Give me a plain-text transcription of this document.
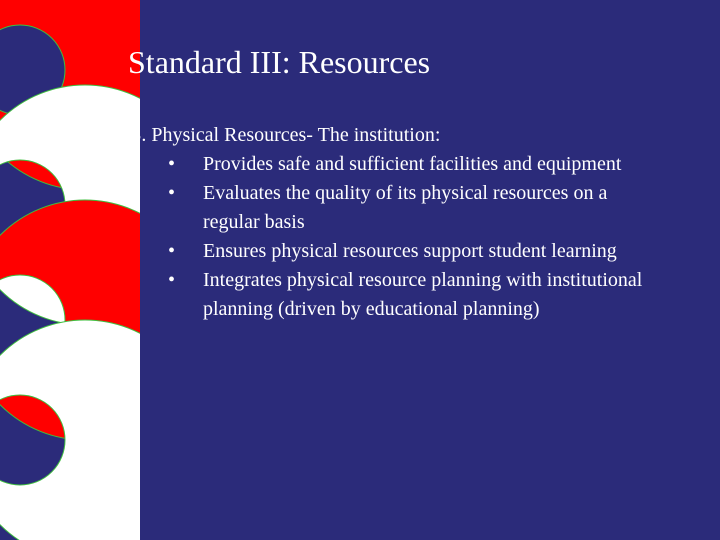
Standard III: Resources
B. Physical Resources- The institution:
• Provides safe and sufficient facilities and equipment
• Evaluates the quality of its physical resources on a regular basis
• Ensures physical resources support student learning
• Integrates physical resource planning with institutional planning (driven by educational planning)
